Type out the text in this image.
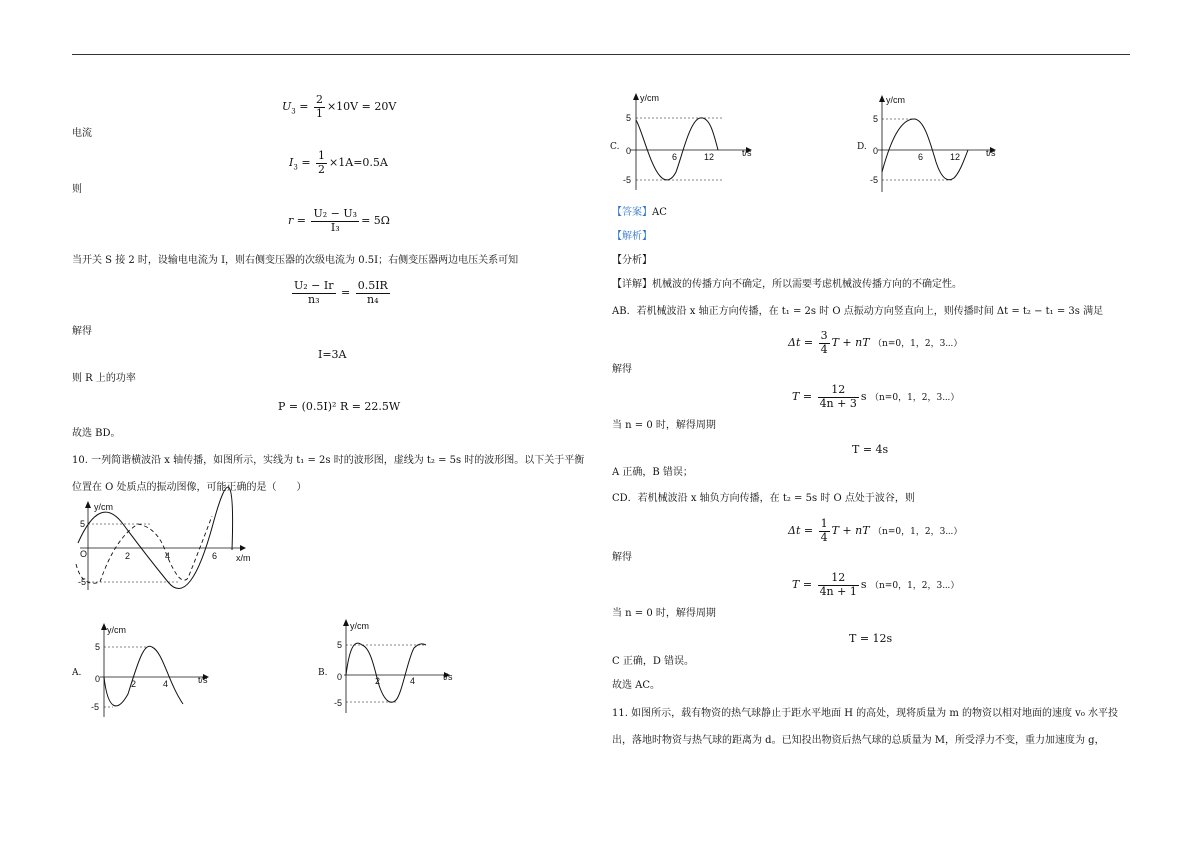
$U_3 = \frac{2}{1} \times 10V = 20V$
电流
$I_3 = \frac{1}{2} \times 1A=0.5A$
则
$r = \frac{\text{U₂ − U₃}}{\text{I₃}} = 5\Omega$
当开关 S 接 2 时，设输电电流为 I，则右侧变压器的次级电流为 0.5I；右侧变压器两边电压关系可知
$\frac{\text{U₂ − Ir}}{\text{n₃}} = \frac{0.5IR}{\text{n₄}}$
解得
I=3A
则 R 上的功率
P = (0.5I)² R = 22.5W
故选 BD。
10. 一列简谐横波沿 x 轴传播，如图所示，实线为 t₁ = 2s 时的波形图，虚线为 t₂ = 5s 时的波形图。以下关于平衡
位置在 O 处质点的振动图像，可能正确的是（　　）
y/cm
x/m
O
5
-5
2	4	6
A.
y/cm
t/s
0
5
-5
2	4
B.
y/cm
t/s
0
5
-5
2	4
C.
y/cm
t/s
0
5
-5
6	12
D.
y/cm
t/s
0
5
-5
6	12
【答案】AC
【解析】
【分析】
【详解】机械波的传播方向不确定，所以需要考虑机械波传播方向的不确定性。
AB．若机械波沿 x 轴正方向传播，在 t₁ = 2s 时 O 点振动方向竖直向上，则传播时间 Δt = t₂ − t₁ = 3s 满足
$\Delta t = \frac{3}{4}$ T + nT （n=0，1，2，3⋯）
解得
$T = \frac{12}{4n + 3}$ s （n=0，1，2，3⋯）
当 n = 0 时，解得周期
T = 4s
A 正确，B 错误；
CD．若机械波沿 x 轴负方向传播，在 t₂ = 5s 时 O 点处于波谷，则
$\Delta t = \frac{1}{4}$ T + nT （n=0，1，2，3⋯）
解得
$T = \frac{12}{4n + 1}$ s （n=0，1，2，3⋯）
当 n = 0 时，解得周期
T = 12s
C 正确，D 错误。
故选 AC。
11. 如图所示，载有物资的热气球静止于距水平地面 H 的高处，现将质量为 m 的物资以相对地面的速度 v₀ 水平投
出，落地时物资与热气球的距离为 d。已知投出物资后热气球的总质量为 M，所受浮力不变，重力加速度为 g，
